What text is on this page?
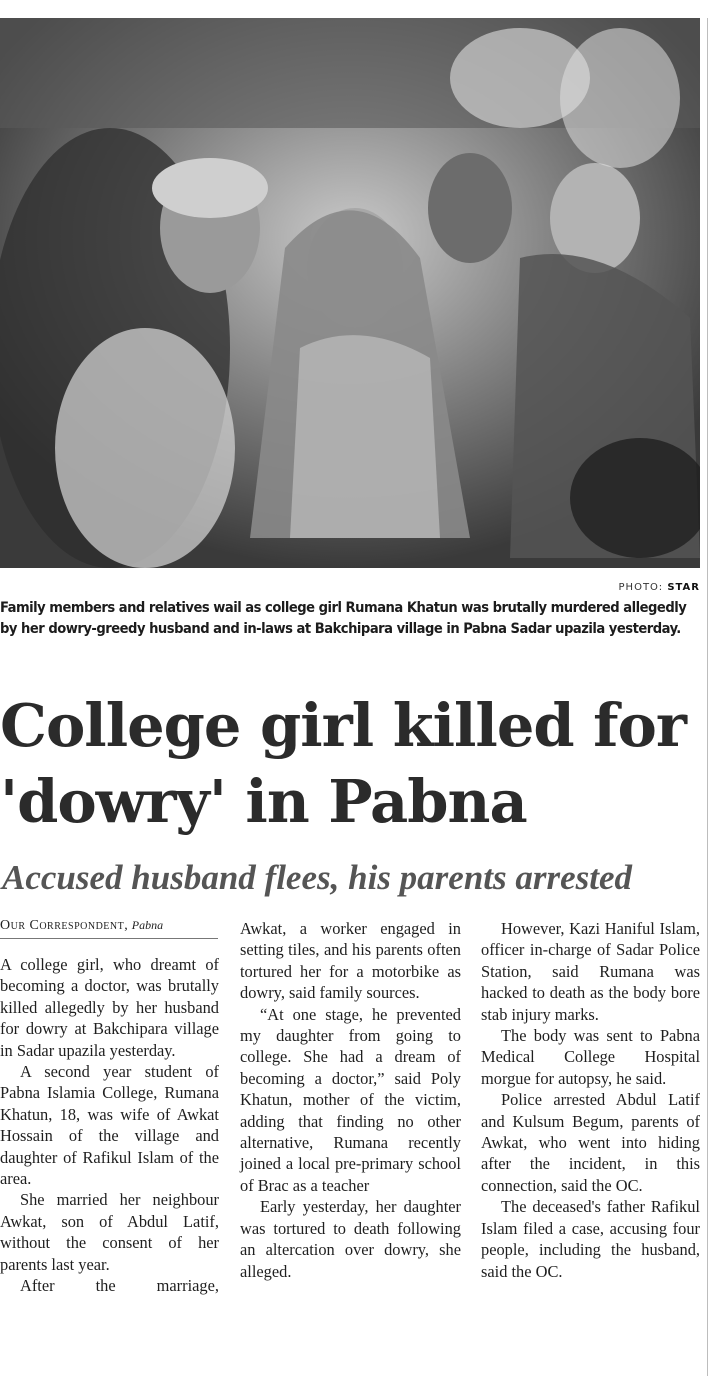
PHOTO: STAR
Family members and relatives wail as college girl Rumana Khatun was brutally murdered allegedly by her dowry-greedy husband and in-laws at Bakchipara village in Pabna Sadar upazila yesterday.
College girl killed for 'dowry' in Pabna
Accused husband flees, his parents arrested
Our Correspondent, Pabna

A college girl, who dreamt of becoming a doctor, was brutally killed allegedly by her husband for dowry at Bakchipara village in Sadar upazila yesterday.

A second year student of Pabna Islamia College, Rumana Khatun, 18, was wife of Awkat Hossain of the village and daughter of Rafikul Islam of the area.

She married her neighbour Awkat, son of Abdul Latif, without the consent of her parents last year.

After the marriage,

Awkat, a worker engaged in setting tiles, and his parents often tortured her for a motorbike as dowry, said family sources.

“At one stage, he prevented my daughter from going to college. She had a dream of becoming a doctor,” said Poly Khatun, mother of the victim, adding that finding no other alternative, Rumana recently joined a local pre-primary school of Brac as a teacher

Early yesterday, her daughter was tortured to death following an altercation over dowry, she alleged.

However, Kazi Haniful Islam, officer in-charge of Sadar Police Station, said Rumana was hacked to death as the body bore stab injury marks.

The body was sent to Pabna Medical College Hospital morgue for autopsy, he said.

Police arrested Abdul Latif and Kulsum Begum, parents of Awkat, who went into hiding after the incident, in this connection, said the OC.

The deceased's father Rafikul Islam filed a case, accusing four people, including the husband, said the OC.
